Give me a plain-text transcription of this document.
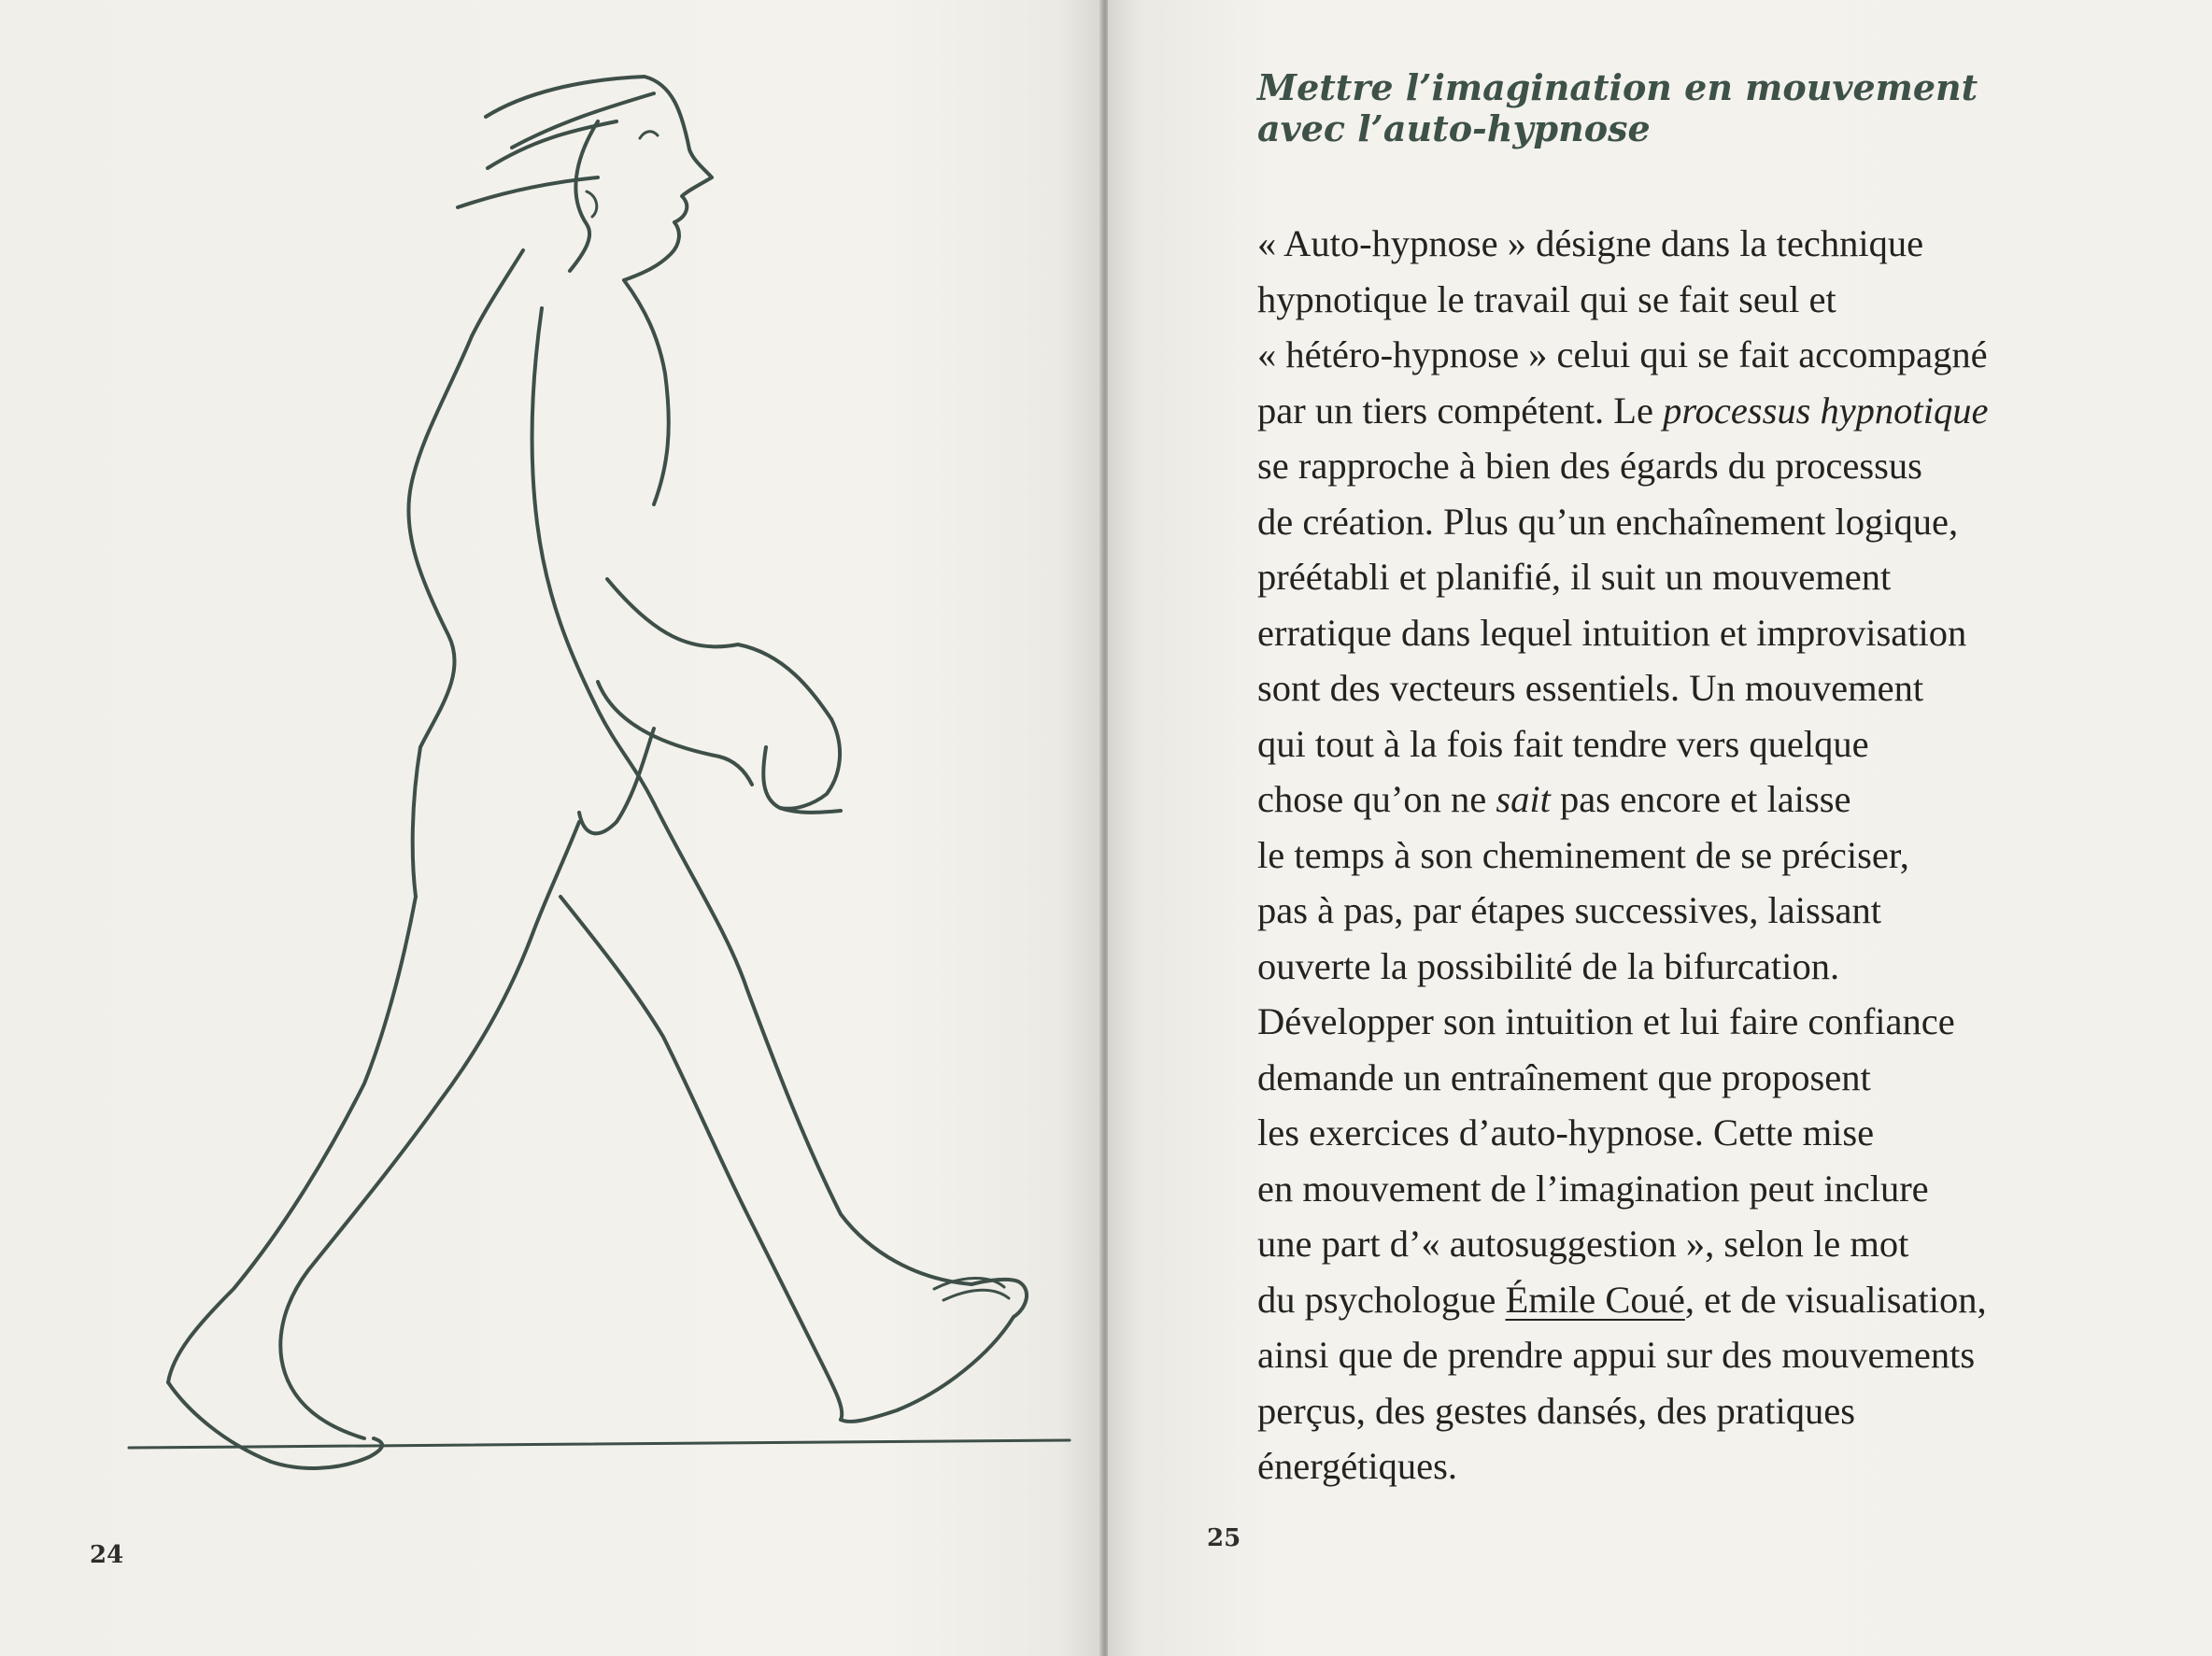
24
Mettre l’imagination en mouvement
avec l’auto-hypnose
« Auto-hypnose » désigne dans la technique
hypnotique le travail qui se fait seul et
« hétéro-hypnose » celui qui se fait accompagné
par un tiers compétent. Le processus hypnotique
se rapproche à bien des égards du processus
de création. Plus qu’un enchaînement logique,
préétabli et planifié, il suit un mouvement
erratique dans lequel intuition et improvisation
sont des vecteurs essentiels. Un mouvement
qui tout à la fois fait tendre vers quelque
chose qu’on ne sait pas encore et laisse
le temps à son cheminement de se préciser,
pas à pas, par étapes successives, laissant
ouverte la possibilité de la bifurcation.
Développer son intuition et lui faire confiance
demande un entraînement que proposent
les exercices d’auto-hypnose. Cette mise
en mouvement de l’imagination peut inclure
une part d’« autosuggestion », selon le mot
du psychologue Émile Coué, et de visualisation,
ainsi que de prendre appui sur des mouvements
perçus, des gestes dansés, des pratiques
énergétiques.
25
